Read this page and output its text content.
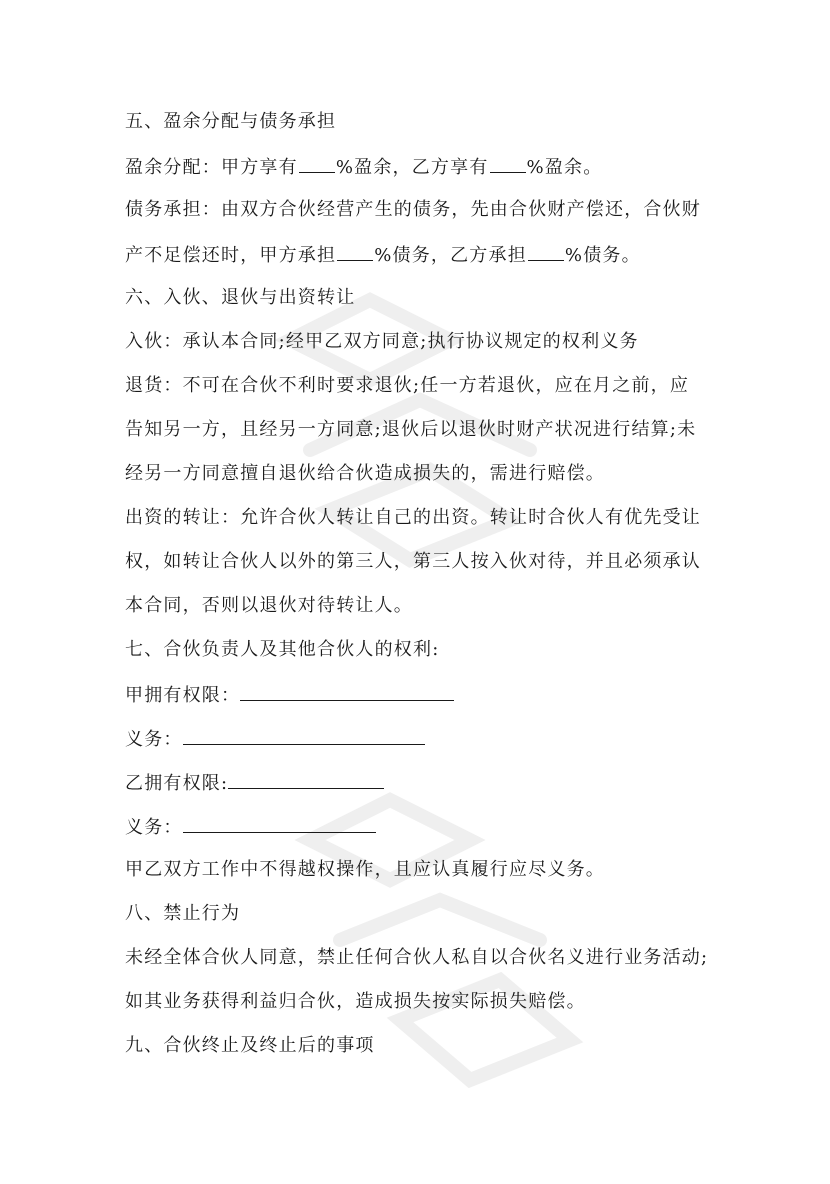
五、盈余分配与债务承担
盈余分配：甲方享有 %盈余，乙方享有 %盈余。
债务承担：由双方合伙经营产生的债务，先由合伙财产偿还，合伙财
产不足偿还时，甲方承担 %债务，乙方承担 %债务。
六、入伙、退伙与出资转让
入伙：承认本合同;经甲乙双方同意;执行协议规定的权利义务
退货：不可在合伙不利时要求退伙;任一方若退伙，应在月之前，应
告知另一方，且经另一方同意;退伙后以退伙时财产状况进行结算;未
经另一方同意擅自退伙给合伙造成损失的，需进行赔偿。
出资的转让：允许合伙人转让自己的出资。转让时合伙人有优先受让
权，如转让合伙人以外的第三人，第三人按入伙对待，并且必须承认
本合同，否则以退伙对待转让人。
七、合伙负责人及其他合伙人的权利:
甲拥有权限：
义务：
乙拥有权限:
义务：
甲乙双方工作中不得越权操作，且应认真履行应尽义务。
八、禁止行为
未经全体合伙人同意，禁止任何合伙人私自以合伙名义进行业务活动;
如其业务获得利益归合伙，造成损失按实际损失赔偿。
九、合伙终止及终止后的事项
